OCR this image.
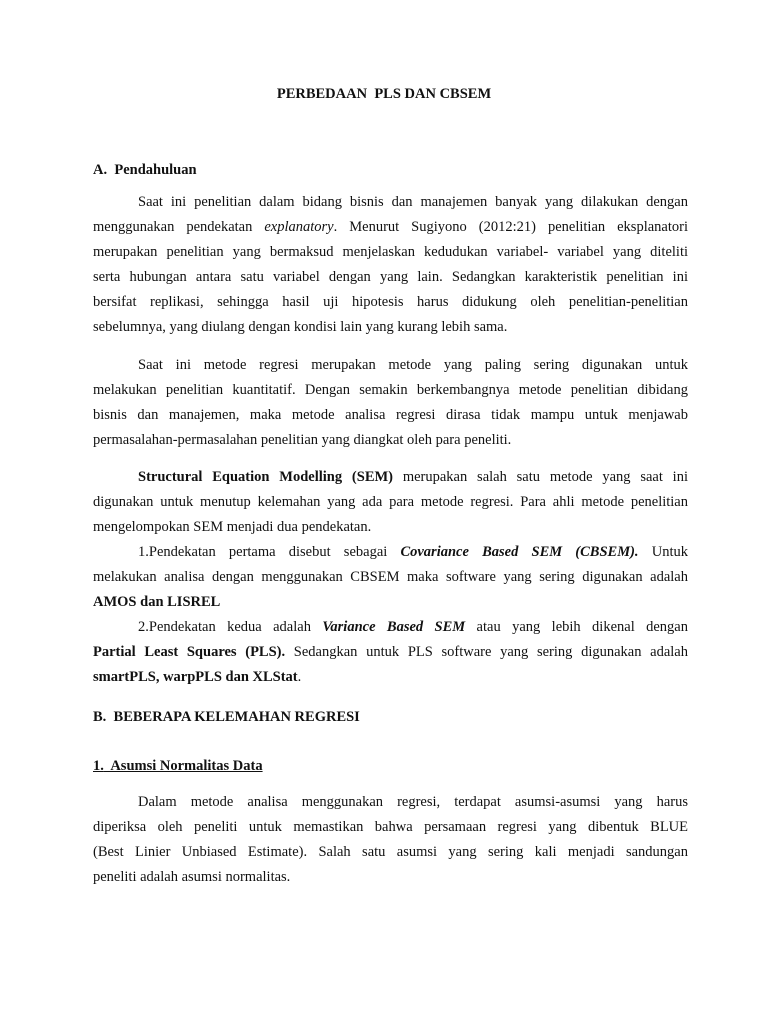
PERBEDAAN  PLS DAN CBSEM
A.  Pendahuluan
Saat ini penelitian dalam bidang bisnis dan manajemen banyak yang dilakukan dengan
menggunakan pendekatan explanatory. Menurut Sugiyono (2012:21) penelitian eksplanatori
merupakan penelitian yang bermaksud menjelaskan kedudukan variabel- variabel yang diteliti
serta hubungan antara satu variabel dengan yang lain. Sedangkan karakteristik penelitian ini
bersifat replikasi, sehingga hasil uji hipotesis harus didukung oleh penelitian-penelitian
sebelumnya, yang diulang dengan kondisi lain yang kurang lebih sama.
Saat ini metode regresi merupakan metode yang paling sering digunakan untuk
melakukan penelitian kuantitatif. Dengan semakin berkembangnya metode penelitian dibidang
bisnis dan manajemen, maka metode analisa regresi dirasa tidak mampu untuk menjawab
permasalahan-permasalahan penelitian yang diangkat oleh para peneliti.
Structural Equation Modelling (SEM) merupakan salah satu metode yang saat ini
digunakan untuk menutup kelemahan yang ada para metode regresi. Para ahli metode penelitian
mengelompokan SEM menjadi dua pendekatan.
1.Pendekatan pertama disebut sebagai Covariance Based SEM (CBSEM). Untuk
melakukan analisa dengan menggunakan CBSEM maka software yang sering digunakan adalah
AMOS dan LISREL
2.Pendekatan kedua adalah Variance Based SEM atau yang lebih dikenal dengan
Partial Least Squares (PLS). Sedangkan untuk PLS software yang sering digunakan adalah
smartPLS, warpPLS dan XLStat.
B.  BEBERAPA KELEMAHAN REGRESI
1.  Asumsi Normalitas Data
Dalam metode analisa menggunakan regresi, terdapat asumsi-asumsi yang harus
diperiksa oleh peneliti untuk memastikan bahwa persamaan regresi yang dibentuk BLUE
(Best Linier Unbiased Estimate). Salah satu asumsi yang sering kali menjadi sandungan
peneliti adalah asumsi normalitas.
